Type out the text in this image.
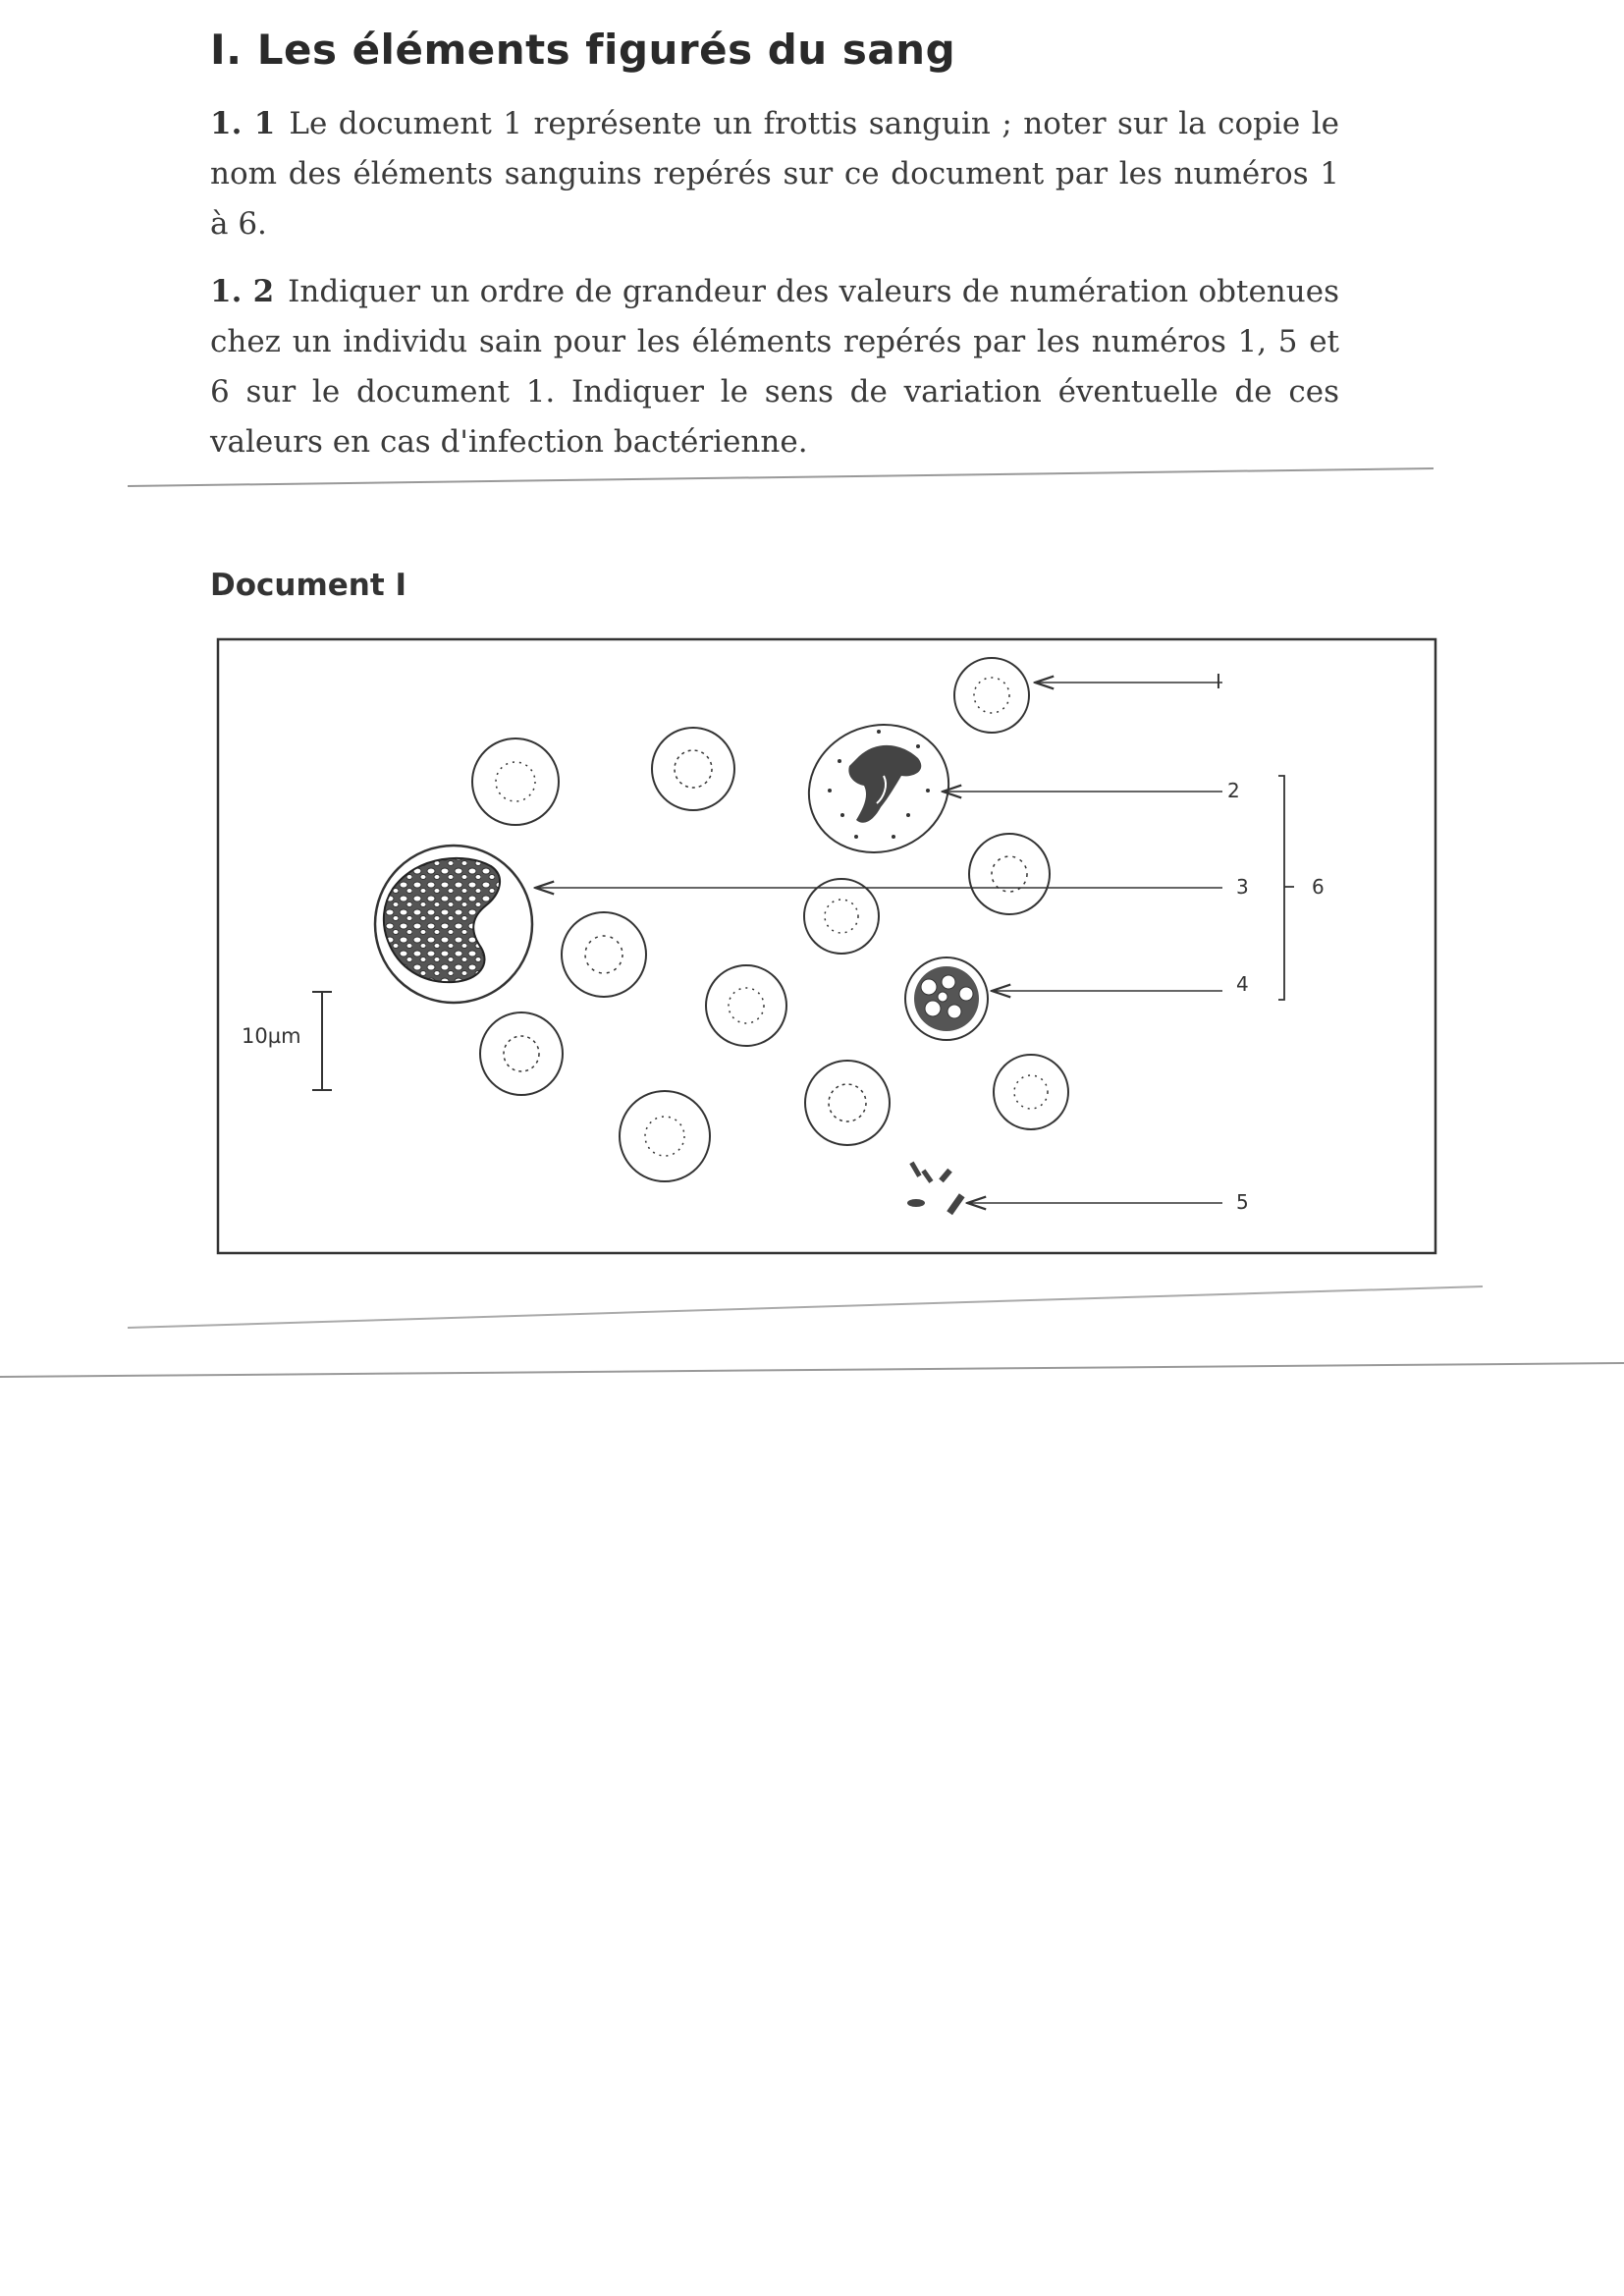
I. Les éléments figurés du sang

1. 1 Le document 1 représente un frottis sanguin ; noter sur la copie le nom des éléments sanguins repérés sur ce document par les numéros 1 à 6.

1. 2 Indiquer un ordre de grandeur des valeurs de numération obtenues chez un individu sain pour les éléments repérés par les numéros 1, 5 et 6 sur le document 1. Indiquer le sens de variation éventuelle de ces valeurs en cas d'infection bactérienne.

Document I
I
2
3
4
5
6
10µm
